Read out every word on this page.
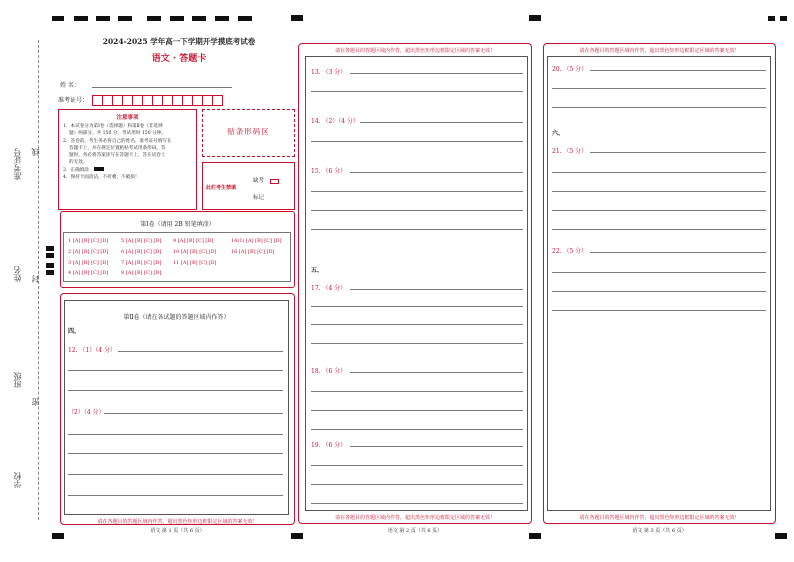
准考证号 线
姓名 封
班级
密
学校
2024-2025 学年高一下学期开学摸底考试卷
语文 · 答题卡
姓 名：
准考证号：
注意事项
1．本试卷分为第Ⅰ卷（选择题）和第Ⅱ卷（非选择
题）两部分。共 150 分，考试用时 150 分钟。
2．答卷前，考生务必将自己的姓名、准考证号填写在
答题卡上，并在规定位置粘贴考试用条形码。答
题时，务必将答案涂写在答题卡上，答在试卷上
的无效。
3．正确填涂
4．保持卡面清洁，不折叠，不破损！
贴条形码区
此栏考生禁填
缺考
标记
第Ⅰ卷（请用 2B 铅笔填涂）
1 [A] [B] [C] [D]	5 [A] [B] [C] [D] 9 [A] [B] [C] [D]	14(1) [A] [B] [C] [D]
2 [A] [B] [C] [D]	6 [A] [B] [C] [D] 10 [A] [B] [C] [D]	16 [A] [B] [C] [D]
3 [A] [B] [C] [D]	7 [A] [B] [C] [D] 11 [A] [B] [C] [D]
4 [A] [B] [C] [D]	8 [A] [B] [C] [D]
第Ⅱ卷（请在各试题的答题区域内作答）
四、
12. （1）（4 分）
（2）（4 分）
请在各题目的答题区域内作答，超出黑色矩形边框限定区域的答案无效！
语文 第 1 页（共 6 页）
请在各题目的答题区域内作答，超出黑色矩形边框限定区域的答案无效！
13. （3 分）
14. （2）（4 分）
15. （6 分）
五、
17. （4 分）
18. （6 分）
19. （6 分）
请在各题目的答题区域内作答，超出黑色矩形边框限定区域的答案无效！
语文 第 2 页（共 6 页）
请在各题目的答题区域内作答，超出黑色矩形边框限定区域的答案无效！
20. （5 分）
六、
21. （5 分）
22. （5 分）
请在各题目的答题区域内作答，超出黑色矩形边框限定区域的答案无效！
语文 第 3 页（共 6 页）
